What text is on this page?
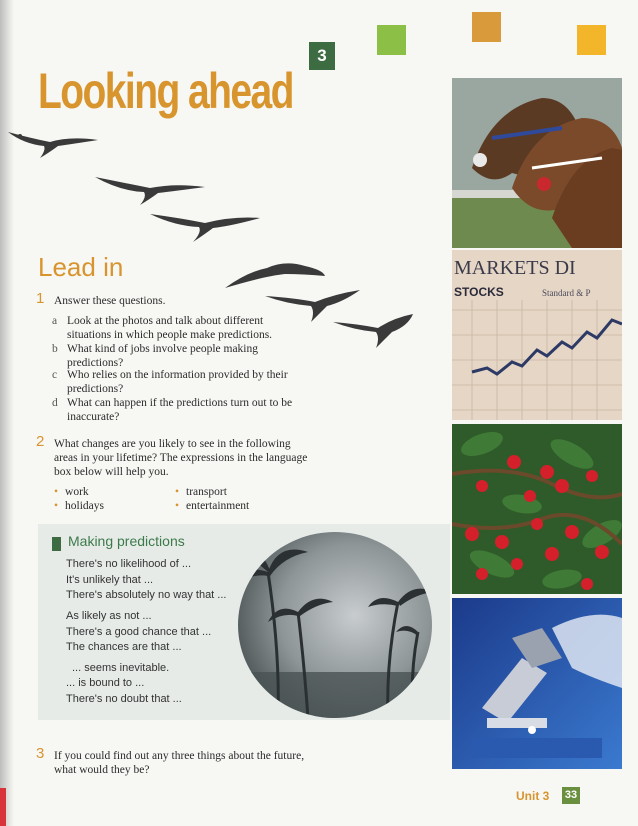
3
Looking ahead
Lead in
1 Answer these questions.
a Look at the photos and talk about different situations in which people make predictions.
b What kind of jobs involve people making predictions?
c Who relies on the information provided by their predictions?
d What can happen if the predictions turn out to be inaccurate?
2 What changes are you likely to see in the following areas in your lifetime? The expressions in the language box below will help you.
• work
• holidays
• transport
• entertainment
Making predictions
There's no likelihood of ...
It's unlikely that ...
There's absolutely no way that ...
As likely as not ...
There's a good chance that ...
The chances are that ...
... seems inevitable.
... is bound to ...
There's no doubt that ...
3 If you could find out any three things about the future, what would they be?
MARKETS DI
STOCKS	Standard & P
Unit 3 33
